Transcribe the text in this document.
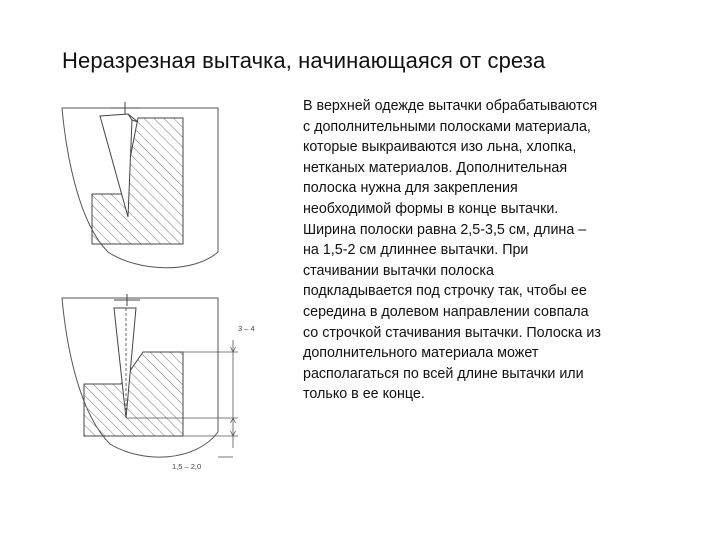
Неразрезная вытачка, начинающаяся от среза
3 – 4
1,5 – 2,0
В верхней одежде вытачки обрабатываются
с дополнительными полосками материала,
которые выкраиваются изо льна, хлопка,
нетканых материалов. Дополнительная
полоска нужна для закрепления
необходимой формы в конце вытачки.
Ширина полоски равна 2,5-3,5 см, длина –
на 1,5-2 см длиннее вытачки. При
стачивании вытачки полоска
подкладывается под строчку так, чтобы ее
середина в долевом направлении совпала
со строчкой стачивания вытачки. Полоска из
дополнительного материала может
располагаться по всей длине вытачки или
только в ее конце.
